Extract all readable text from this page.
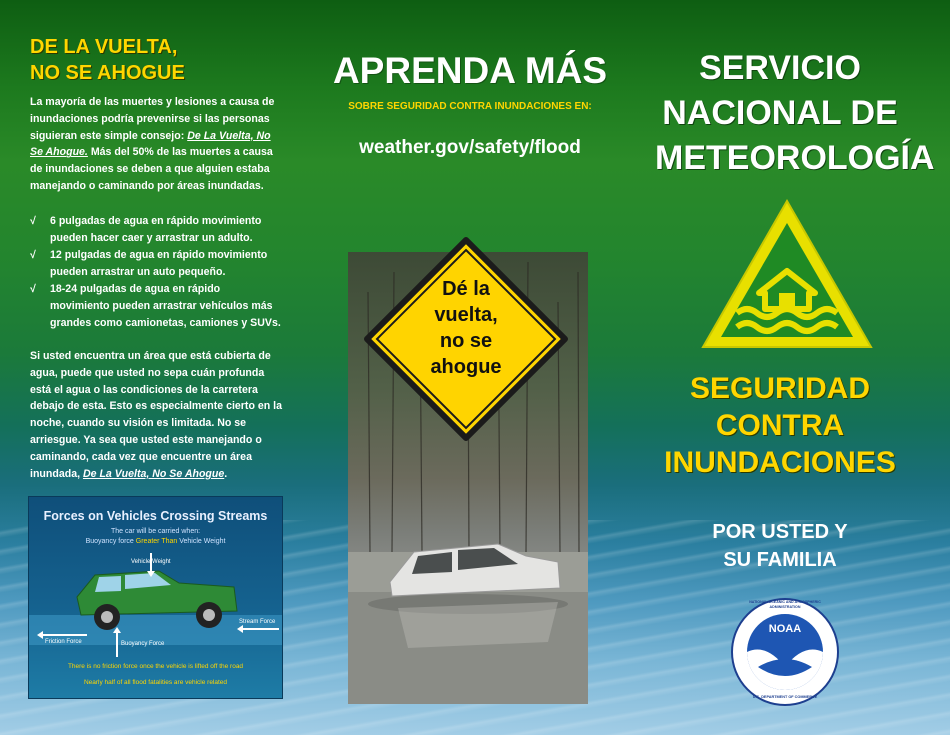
DE LA VUELTA,
NO SE AHOGUE
La mayoría de las muertes y lesiones a causa de
inundaciones podría prevenirse si las personas
siguieran este simple consejo: De La Vuelta, No
Se Ahogue. Más del 50% de las muertes a causa
de inundaciones se deben a que alguien estaba
manejando o caminando por áreas inundadas.
√ 6 pulgadas de agua en rápido movimiento
pueden hacer caer y arrastrar un adulto.
√ 12 pulgadas de agua en rápido movimiento
pueden arrastrar un auto pequeño.
√ 18-24 pulgadas de agua en rápido
movimiento pueden arrastrar vehículos más
grandes como camionetas, camiones y SUVs.
Si usted encuentra un área que está cubierta de
agua, puede que usted no sepa cuán profunda
está el agua o las condiciones de la carretera
debajo de esta. Esto es especialmente cierto en la
noche, cuando su visión es limitada. No se
arriesgue. Ya sea que usted este manejando o
caminando, cada vez que encuentre un área
inundada, De La Vuelta, No Se Ahogue.
Forces on Vehicles Crossing Streams
The car will be carried when:
Buoyancy force Greater Than Vehicle Weight
Vehicle Weight
Friction Force	Buoyancy Force
Stream Force
There is no friction force once the vehicle is lifted off the road
Nearly half of all flood fatalities are vehicle related
APRENDA MÁS
SOBRE SEGURIDAD CONTRA INUNDACIONES EN:
weather.gov/safety/flood
Dé la
vuelta,
no se
ahogue
SERVICIO
NACIONAL DE
METEOROLOGÍA
SEGURIDAD
CONTRA
INUNDACIONES
POR USTED Y
SU FAMILIA
NOAA
NATIONAL OCEANIC AND ATMOSPHERIC ADMINISTRATION
U.S. DEPARTMENT OF COMMERCE
